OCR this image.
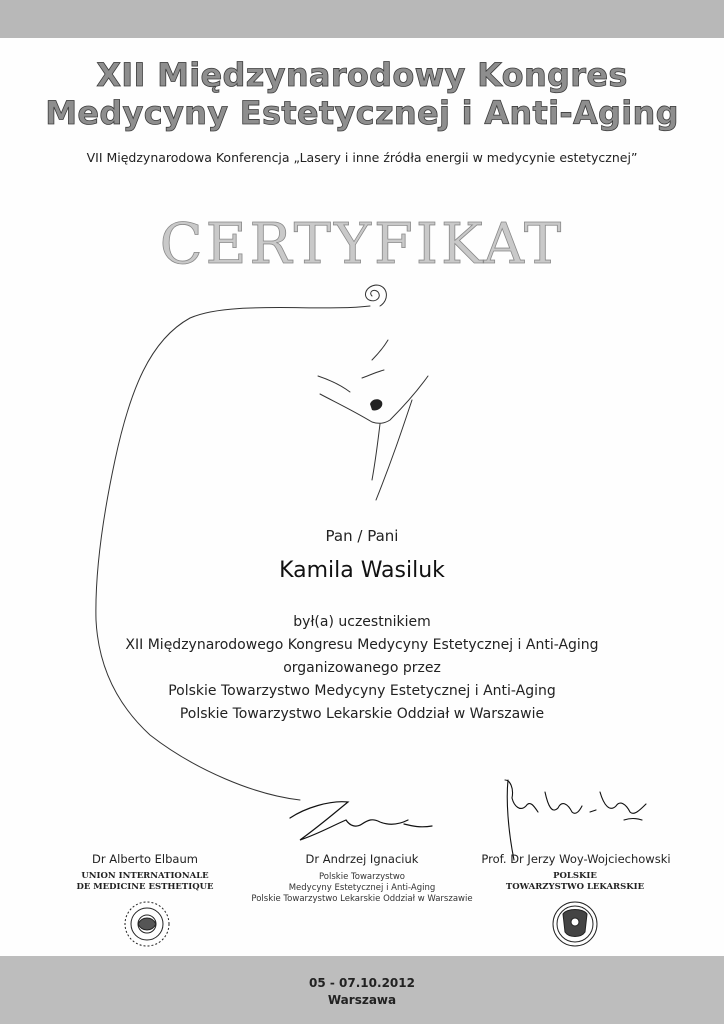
XII Międzynarodowy Kongres
Medycyny Estetycznej i Anti-Aging
VII Międzynarodowa Konferencja „Lasery i inne źródła energii w medycynie estetycznej”
CERTYFIKAT
Pan / Pani
Kamila Wasiluk
był(a) uczestnikiem
XII Międzynarodowego Kongresu Medycyny Estetycznej i Anti-Aging
organizowanego przez
Polskie Towarzystwo Medycyny Estetycznej i Anti-Aging
Polskie Towarzystwo Lekarskie Oddział w Warszawie
Dr Alberto Elbaum
UNION INTERNATIONALE
DE MEDICINE ESTHETIQUE
Dr Andrzej Ignaciuk
Polskie Towarzystwo
Medycyny Estetycznej i Anti-Aging
Polskie Towarzystwo Lekarskie Oddział w Warszawie
Prof. Dr Jerzy Woy-Wojciechowski
POLSKIE
TOWARZYSTWO LEKARSKIE
05 - 07.10.2012
Warszawa
